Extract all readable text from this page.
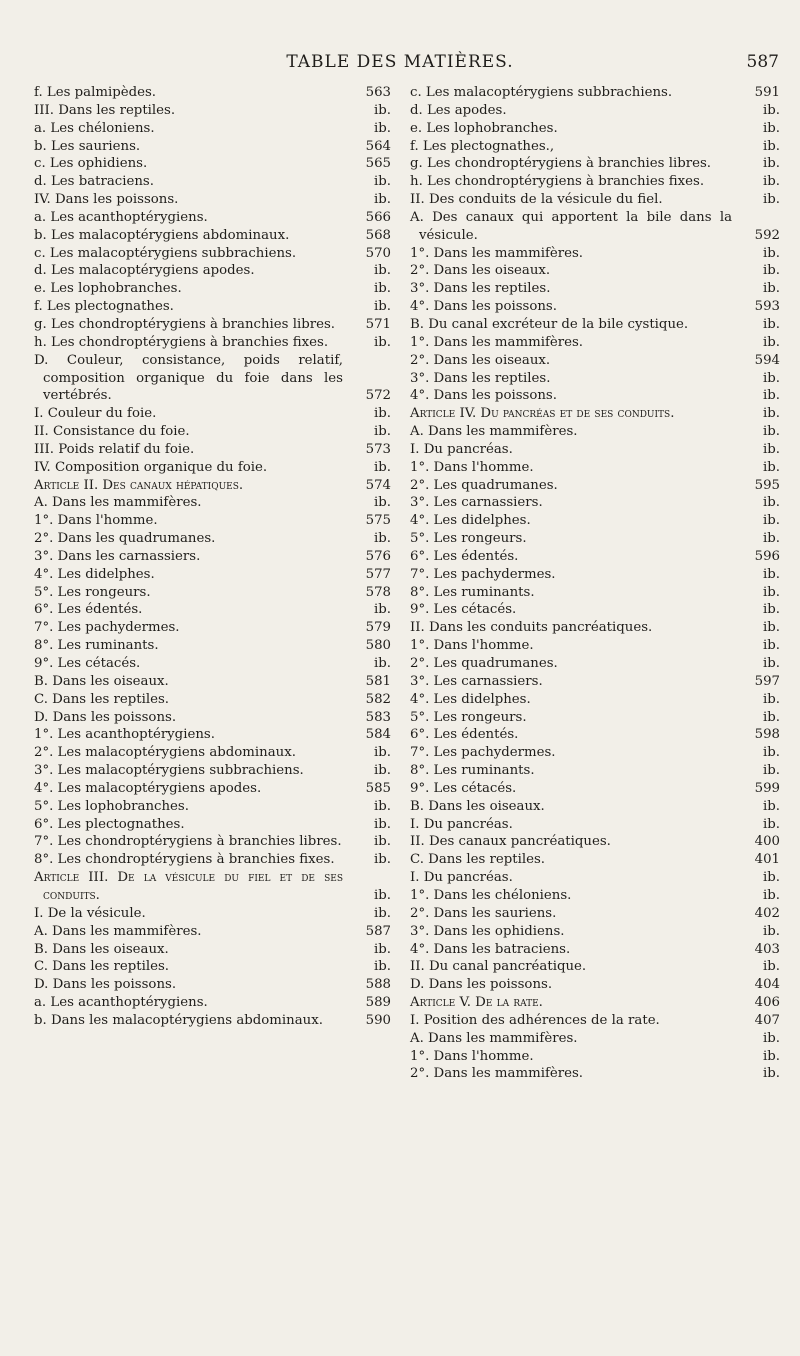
TABLE DES MATIÈRES.	587
f. Les palmipèdes.	563
III. Dans les reptiles.	ib.
a. Les chéloniens.	ib.
b. Les sauriens.	564
c. Les ophidiens.	565
d. Les batraciens.	ib.
IV. Dans les poissons.	ib.
a. Les acanthoptérygiens.	566
b. Les malacoptérygiens abdominaux.	568
c. Les malacoptérygiens subbrachiens.	570
d. Les malacoptérygiens apodes.	ib.
e. Les lophobranches.	ib.
f. Les plectognathes.	ib.
g. Les chondroptérygiens à branchies libres.	571
h. Les chondroptérygiens à branchies fixes.	ib.
D. Couleur, consistance, poids relatif, composition organique du foie dans les vertébrés.	572
I. Couleur du foie.	ib.
II. Consistance du foie.	ib.
III. Poids relatif du foie.	573
IV. Composition organique du foie.	ib.
Article II. Des canaux hépatiques.	574
A. Dans les mammifères.	ib.
1°. Dans l'homme.	575
2°. Dans les quadrumanes.	ib.
3°. Dans les carnassiers.	576
4°. Les didelphes.	577
5°. Les rongeurs.	578
6°. Les édentés.	ib.
7°. Les pachydermes.	579
8°. Les ruminants.	580
9°. Les cétacés.	ib.
B. Dans les oiseaux.	581
C. Dans les reptiles.	582
D. Dans les poissons.	583
1°. Les acanthoptérygiens.	584
2°. Les malacoptérygiens abdominaux.	ib.
3°. Les malacoptérygiens subbrachiens.	ib.
4°. Les malacoptérygiens apodes.	585
5°. Les lophobranches.	ib.
6°. Les plectognathes.	ib.
7°. Les chondroptérygiens à branchies libres.	ib.
8°. Les chondroptérygiens à branchies fixes.	ib.
Article III. De la vésicule du fiel et de ses conduits.	ib.
I. De la vésicule.	ib.
A. Dans les mammifères.	587
B. Dans les oiseaux.	ib.
C. Dans les reptiles.	ib.
D. Dans les poissons.	588
a. Les acanthoptérygiens.	589
b. Dans les malacoptérygiens abdominaux.	590
c. Les malacoptérygiens subbrachiens.	591
d. Les apodes.	ib.
e. Les lophobranches.	ib.
f. Les plectognathes.,	ib.
g. Les chondroptérygiens à branchies libres.	ib.
h. Les chondroptérygiens à branchies fixes.	ib.
II. Des conduits de la vésicule du fiel.	ib.
A. Des canaux qui apportent la bile dans la vésicule.	592
1°. Dans les mammifères.	ib.
2°. Dans les oiseaux.	ib.
3°. Dans les reptiles.	ib.
4°. Dans les poissons.	593
B. Du canal excréteur de la bile cystique.	ib.
1°. Dans les mammifères.	ib.
2°. Dans les oiseaux.	594
3°. Dans les reptiles.	ib.
4°. Dans les poissons.	ib.
Article IV. Du pancréas et de ses conduits.	ib.
A. Dans les mammifères.	ib.
I. Du pancréas.	ib.
1°. Dans l'homme.	ib.
2°. Les quadrumanes.	595
3°. Les carnassiers.	ib.
4°. Les didelphes.	ib.
5°. Les rongeurs.	ib.
6°. Les édentés.	596
7°. Les pachydermes.	ib.
8°. Les ruminants.	ib.
9°. Les cétacés.	ib.
II. Dans les conduits pancréatiques.	ib.
1°. Dans l'homme.	ib.
2°. Les quadrumanes.	ib.
3°. Les carnassiers.	597
4°. Les didelphes.	ib.
5°. Les rongeurs.	ib.
6°. Les édentés.	598
7°. Les pachydermes.	ib.
8°. Les ruminants.	ib.
9°. Les cétacés.	599
B. Dans les oiseaux.	ib.
I. Du pancréas.	ib.
II. Des canaux pancréatiques.	400
C. Dans les reptiles.	401
I. Du pancréas.	ib.
1°. Dans les chéloniens.	ib.
2°. Dans les sauriens.	402
3°. Dans les ophidiens.	ib.
4°. Dans les batraciens.	403
II. Du canal pancréatique.	ib.
D. Dans les poissons.	404
Article V. De la rate.	406
I. Position des adhérences de la rate.	407
A. Dans les mammifères.	ib.
1°. Dans l'homme.	ib.
2°. Dans les mammifères.	ib.
